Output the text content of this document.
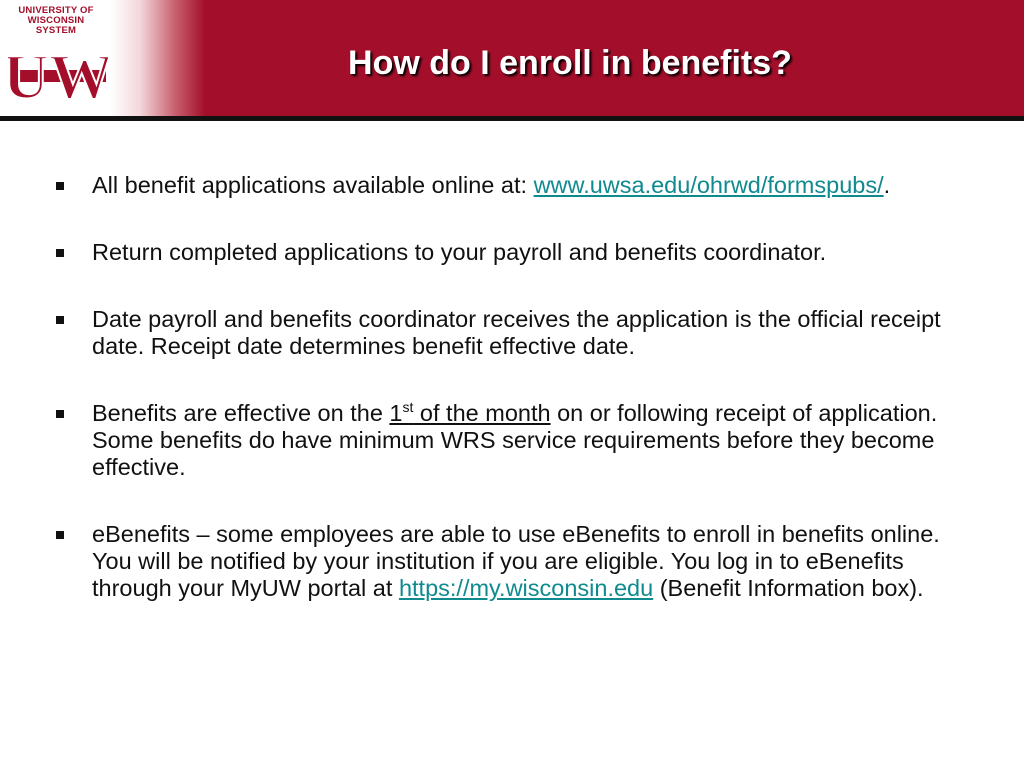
UNIVERSITY OF
WISCONSIN SYSTEM
UW	How do I enroll in benefits?
All benefit applications available online at: www.uwsa.edu/ohrwd/formspubs/.
Return completed applications to your payroll and benefits coordinator.
Date payroll and benefits coordinator receives the application is the official receipt date. Receipt date determines benefit effective date.
Benefits are effective on the 1st of the month on or following receipt of application. Some benefits do have minimum WRS service requirements before they become effective.
eBenefits – some employees are able to use eBenefits to enroll in benefits online. You will be notified by your institution if you are eligible. You log in to eBenefits through your MyUW portal at https://my.wisconsin.edu (Benefit Information box).
